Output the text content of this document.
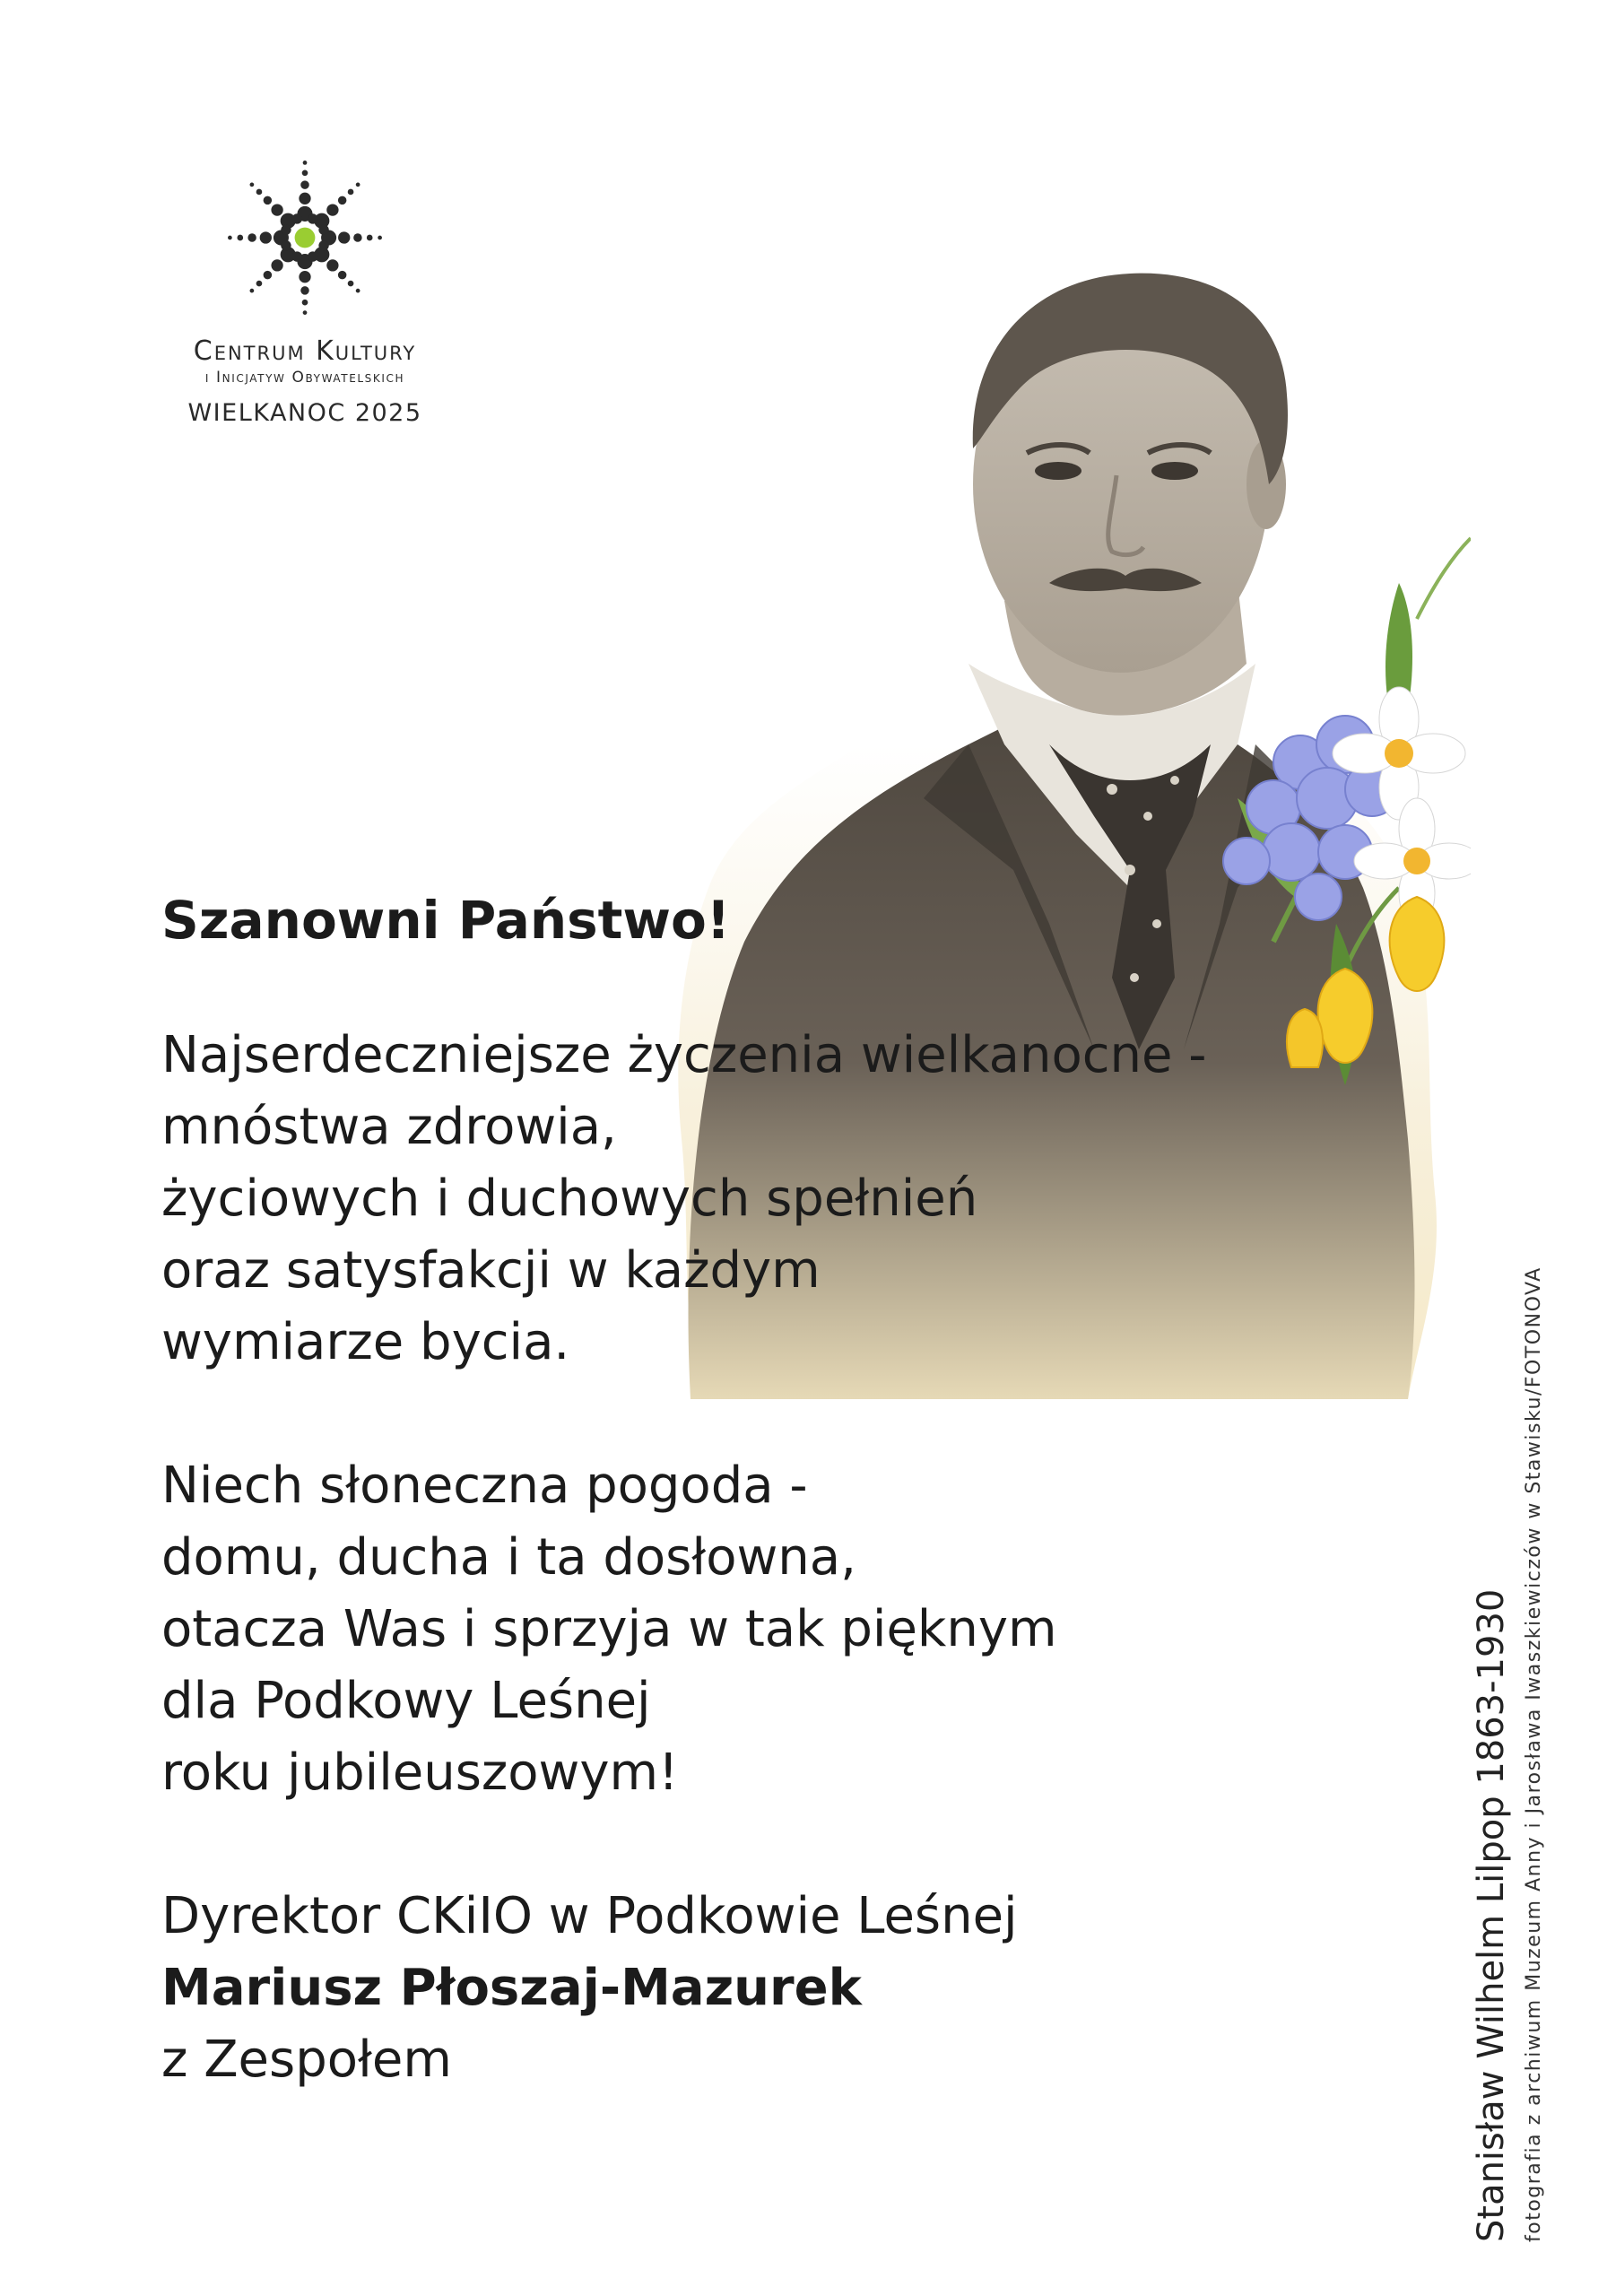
Centrum Kultury
i Inicjatyw Obywatelskich
WIELKANOC 2025
Szanowni Państwo!
Najserdeczniejsze życzenia wielkanocne -
mnóstwa zdrowia,
życiowych i duchowych spełnień
oraz satysfakcji w każdym
wymiarze bycia.
Niech słoneczna pogoda -
domu, ducha i ta dosłowna,
otacza Was i sprzyja w tak pięknym
dla Podkowy Leśnej
roku jubileuszowym!
Dyrektor CKiIO w Podkowie Leśnej
Mariusz Płoszaj-Mazurek
z Zespołem	Stanisław Wilhelm Lilpop 1863-1930 fotografia z archiwum Muzeum Anny i Jarosława Iwaszkiewiczów w Stawisku/FOTONOVA
